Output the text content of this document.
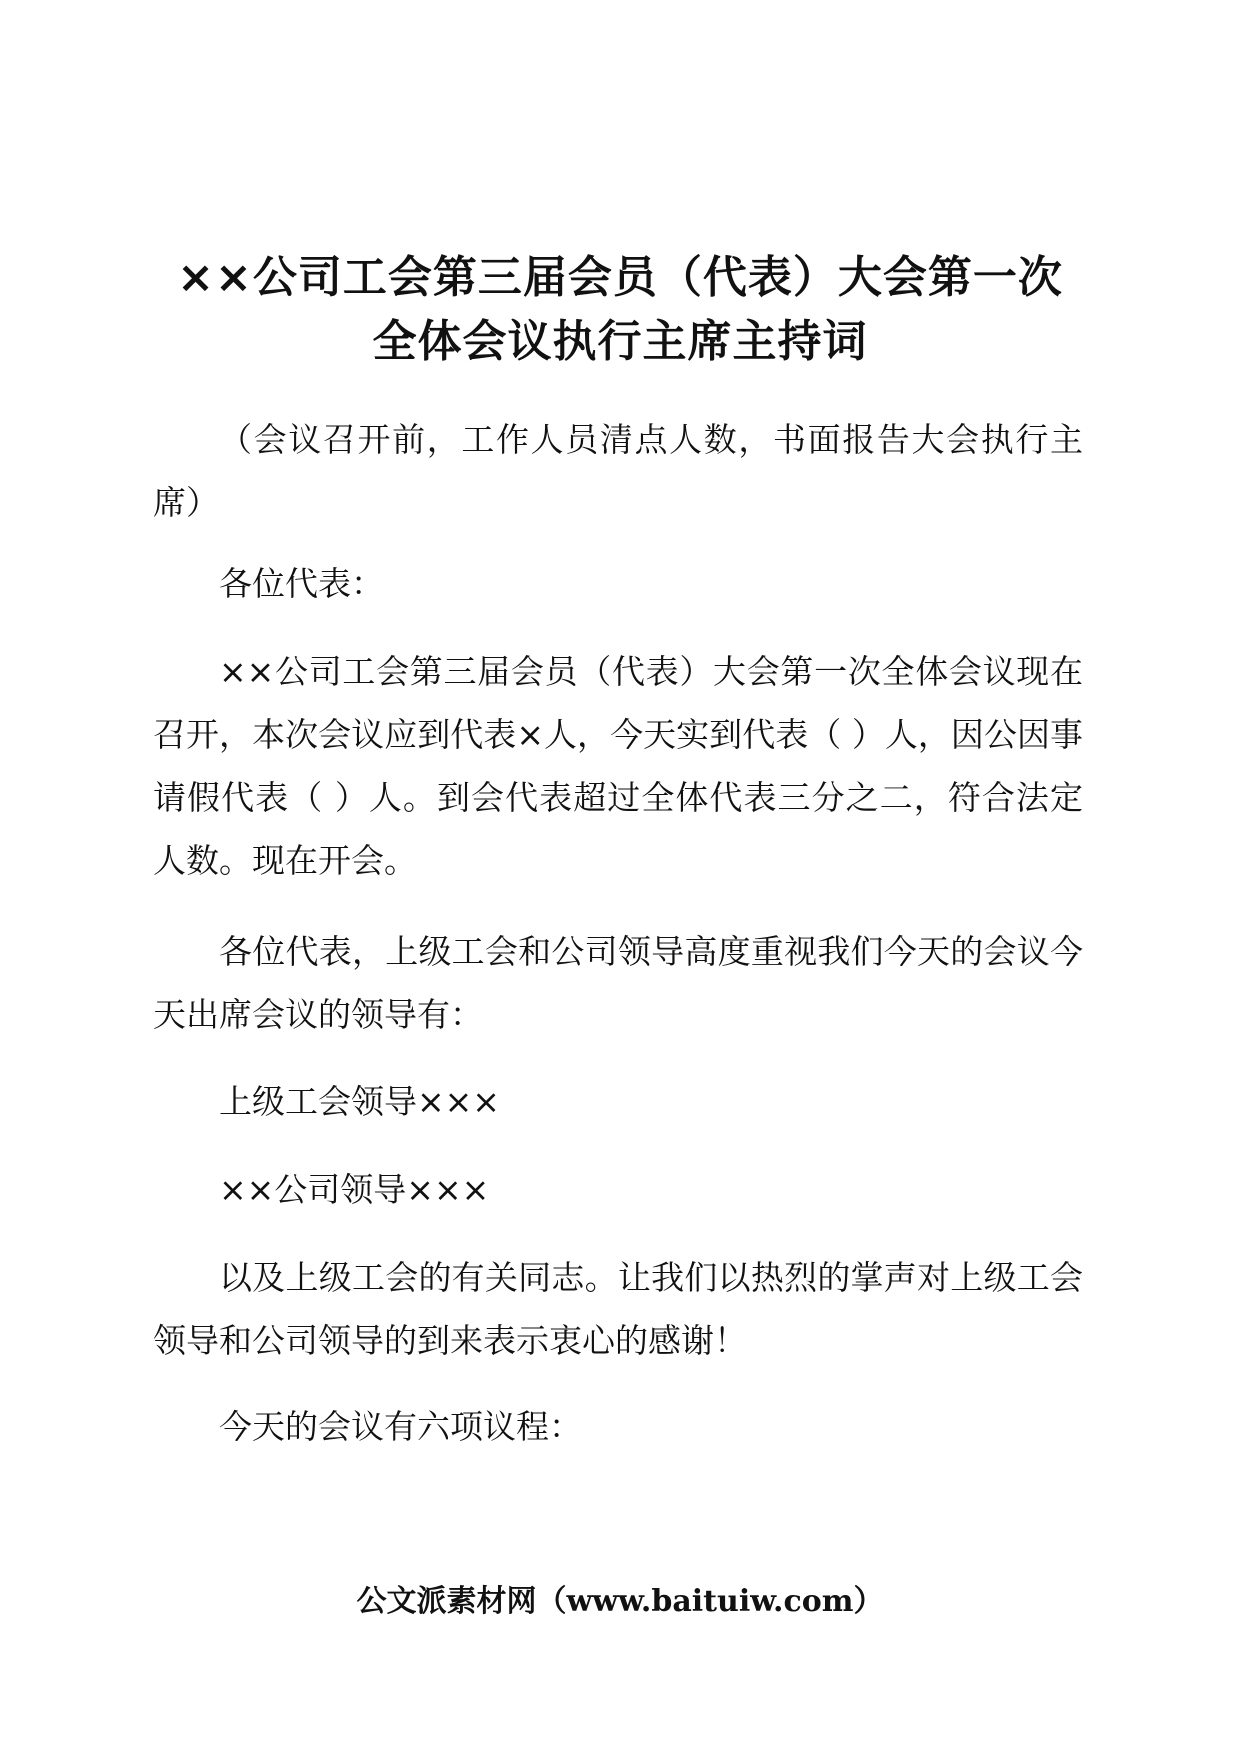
××公司工会第三届会员（代表）大会第一次
全体会议执行主席主持词

（会议召开前，工作人员清点人数，书面报告大会执行主席）

各位代表：

××公司工会第三届会员（代表）大会第一次全体会议现在召开，本次会议应到代表×人，今天实到代表（ ）人，因公因事请假代表（ ）人。到会代表超过全体代表三分之二，符合法定人数。现在开会。

各位代表，上级工会和公司领导高度重视我们今天的会议今天出席会议的领导有：

上级工会领导×××

××公司领导×××

以及上级工会的有关同志。让我们以热烈的掌声对上级工会领导和公司领导的到来表示衷心的感谢！

今天的会议有六项议程：

公文派素材网（www.baituiw.com）
